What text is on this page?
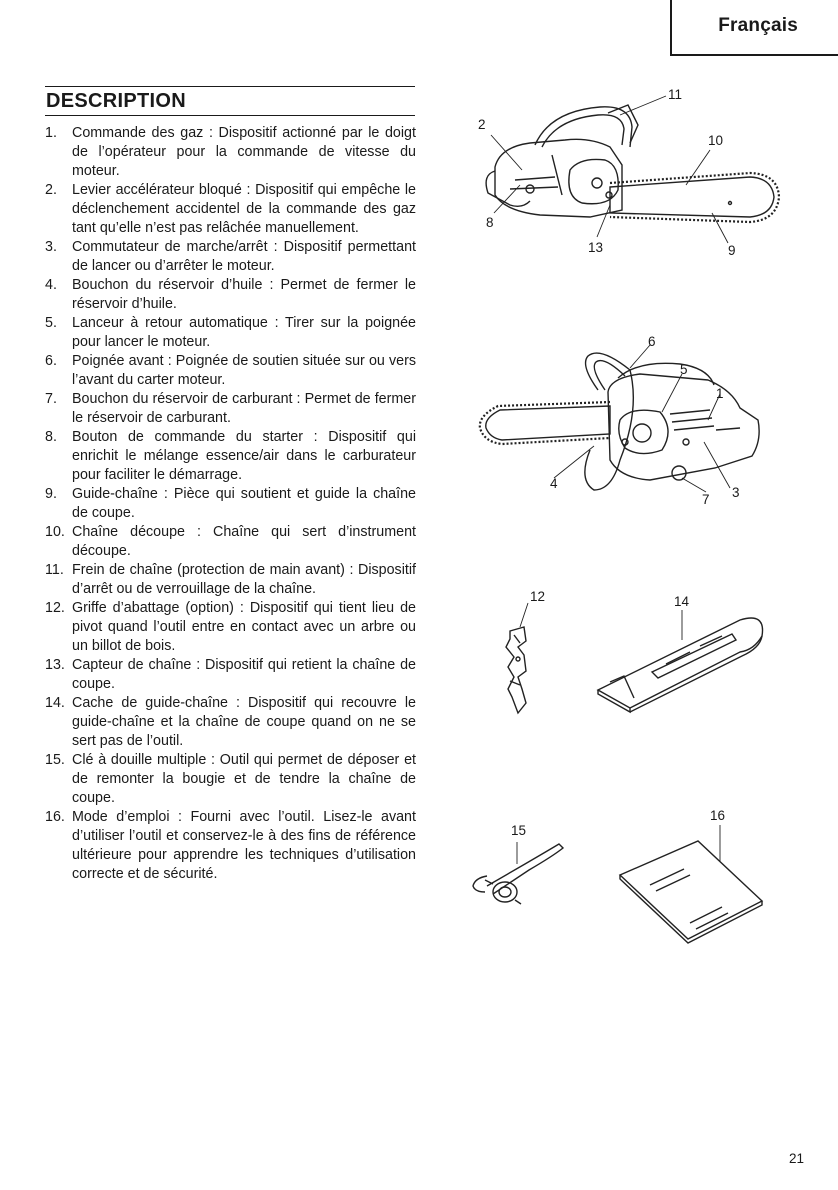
Français
DESCRIPTION
1. Commande des gaz : Dispositif actionné par le doigt de l’opérateur pour la commande de vitesse du moteur.
2. Levier accélérateur bloqué : Dispositif qui empêche le déclenchement accidentel de la commande des gaz tant qu’elle n’est pas relâchée manuellement.
3. Commutateur de marche/arrêt : Dispositif permettant de lancer ou d’arrêter le moteur.
4. Bouchon du réservoir d’huile : Permet de fermer le réservoir d’huile.
5. Lanceur à retour automatique : Tirer sur la poignée pour lancer le moteur.
6. Poignée avant : Poignée de soutien située sur ou vers l’avant du carter moteur.
7. Bouchon du réservoir de carburant : Permet de fermer le réservoir de carburant.
8. Bouton de commande du starter : Dispositif qui enrichit le mélange essence/air dans le carburateur pour faciliter le démarrage.
9. Guide-chaîne : Pièce qui soutient et guide la chaîne de coupe.
10. Chaîne découpe : Chaîne qui sert d’instrument découpe.
11. Frein de chaîne (protection de main avant) : Dispositif d’arrêt ou de verrouillage de la chaîne.
12. Griffe d’abattage (option) : Dispositif qui tient lieu de pivot quand l’outil entre en contact avec un arbre ou un billot de bois.
13. Capteur de chaîne : Dispositif qui retient la chaîne de coupe.
14. Cache de guide-chaîne : Dispositif qui recouvre le guide-chaîne et la chaîne de coupe quand on ne se sert pas de l’outil.
15. Clé à douille multiple : Outil qui permet de déposer et de remonter la bougie et de tendre la chaîne de coupe.
16. Mode d’emploi : Fourni avec l’outil. Lisez-le avant d’utiliser l’outil et conservez-le à des fins de référence ultérieure pour apprendre les techniques d’utilisation correcte et de sécurité.
11
2
10
8
13	9
6
5
1
4
7 3
12	14
15
16
21
